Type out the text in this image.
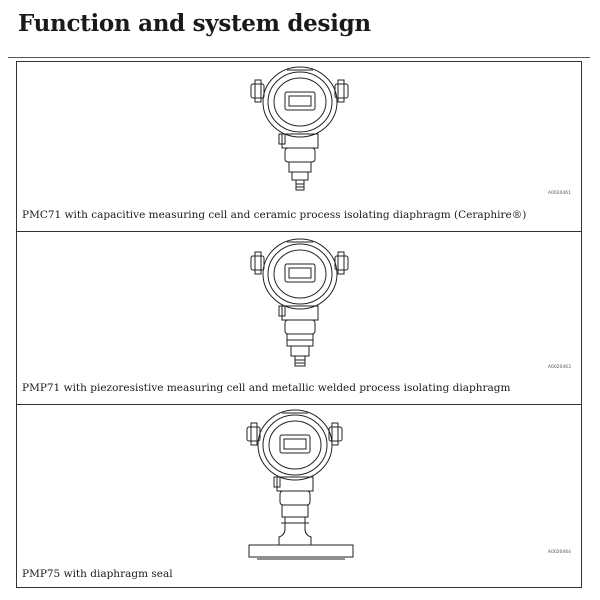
Function and system design
A0020461
PMC71 with capacitive measuring cell and ceramic process isolating diaphragm (Ceraphire®)
A0020463
PMP71 with piezoresistive measuring cell and metallic welded process isolating diaphragm
A0020464
PMP75 with diaphragm seal
